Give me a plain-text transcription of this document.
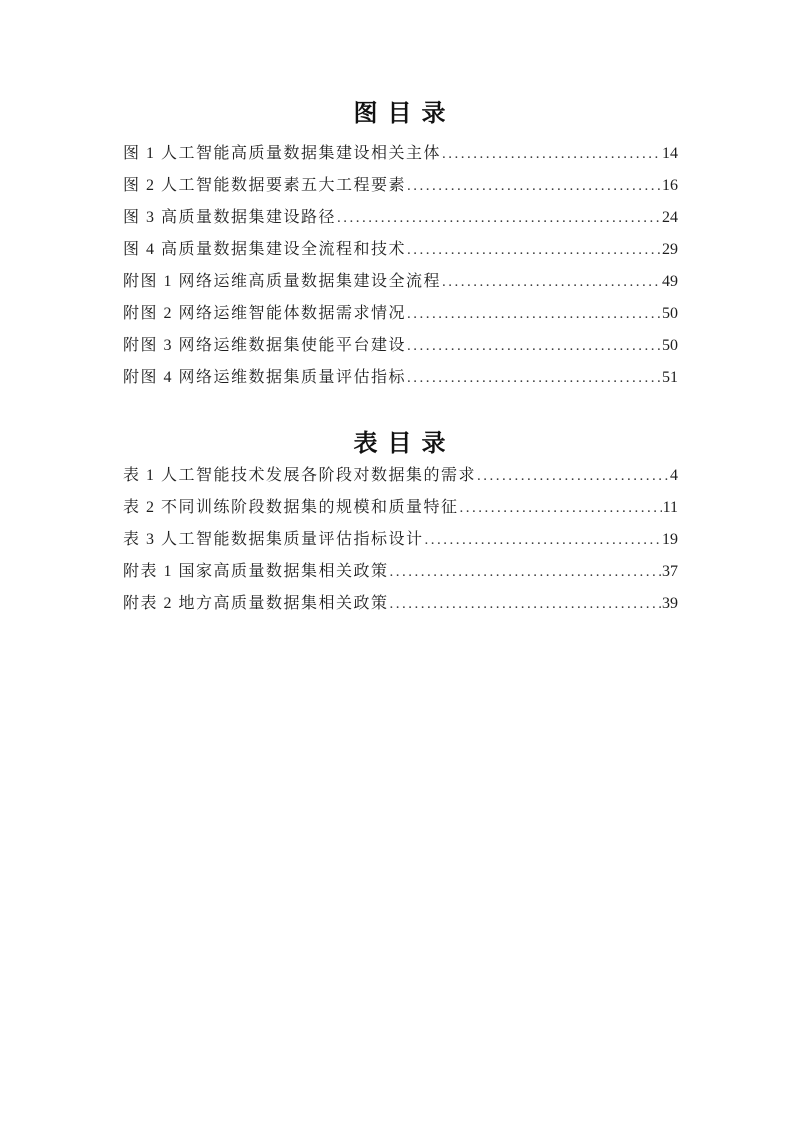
图 目 录
图 1 人工智能高质量数据集建设相关主体 .....	14
图 2 人工智能数据要素五大工程要素 .....	16
图 3 高质量数据集建设路径 .....	24
图 4 高质量数据集建设全流程和技术 .....	29
附图 1 网络运维高质量数据集建设全流程 .....	49
附图 2 网络运维智能体数据需求情况 .....	50
附图 3 网络运维数据集使能平台建设 .....	50
附图 4 网络运维数据集质量评估指标 .....	51
表 目 录
表 1 人工智能技术发展各阶段对数据集的需求 .....	4
表 2 不同训练阶段数据集的规模和质量特征 .....	11
表 3 人工智能数据集质量评估指标设计 .....	19
附表 1 国家高质量数据集相关政策 .....	37
附表 2 地方高质量数据集相关政策 .....	39
